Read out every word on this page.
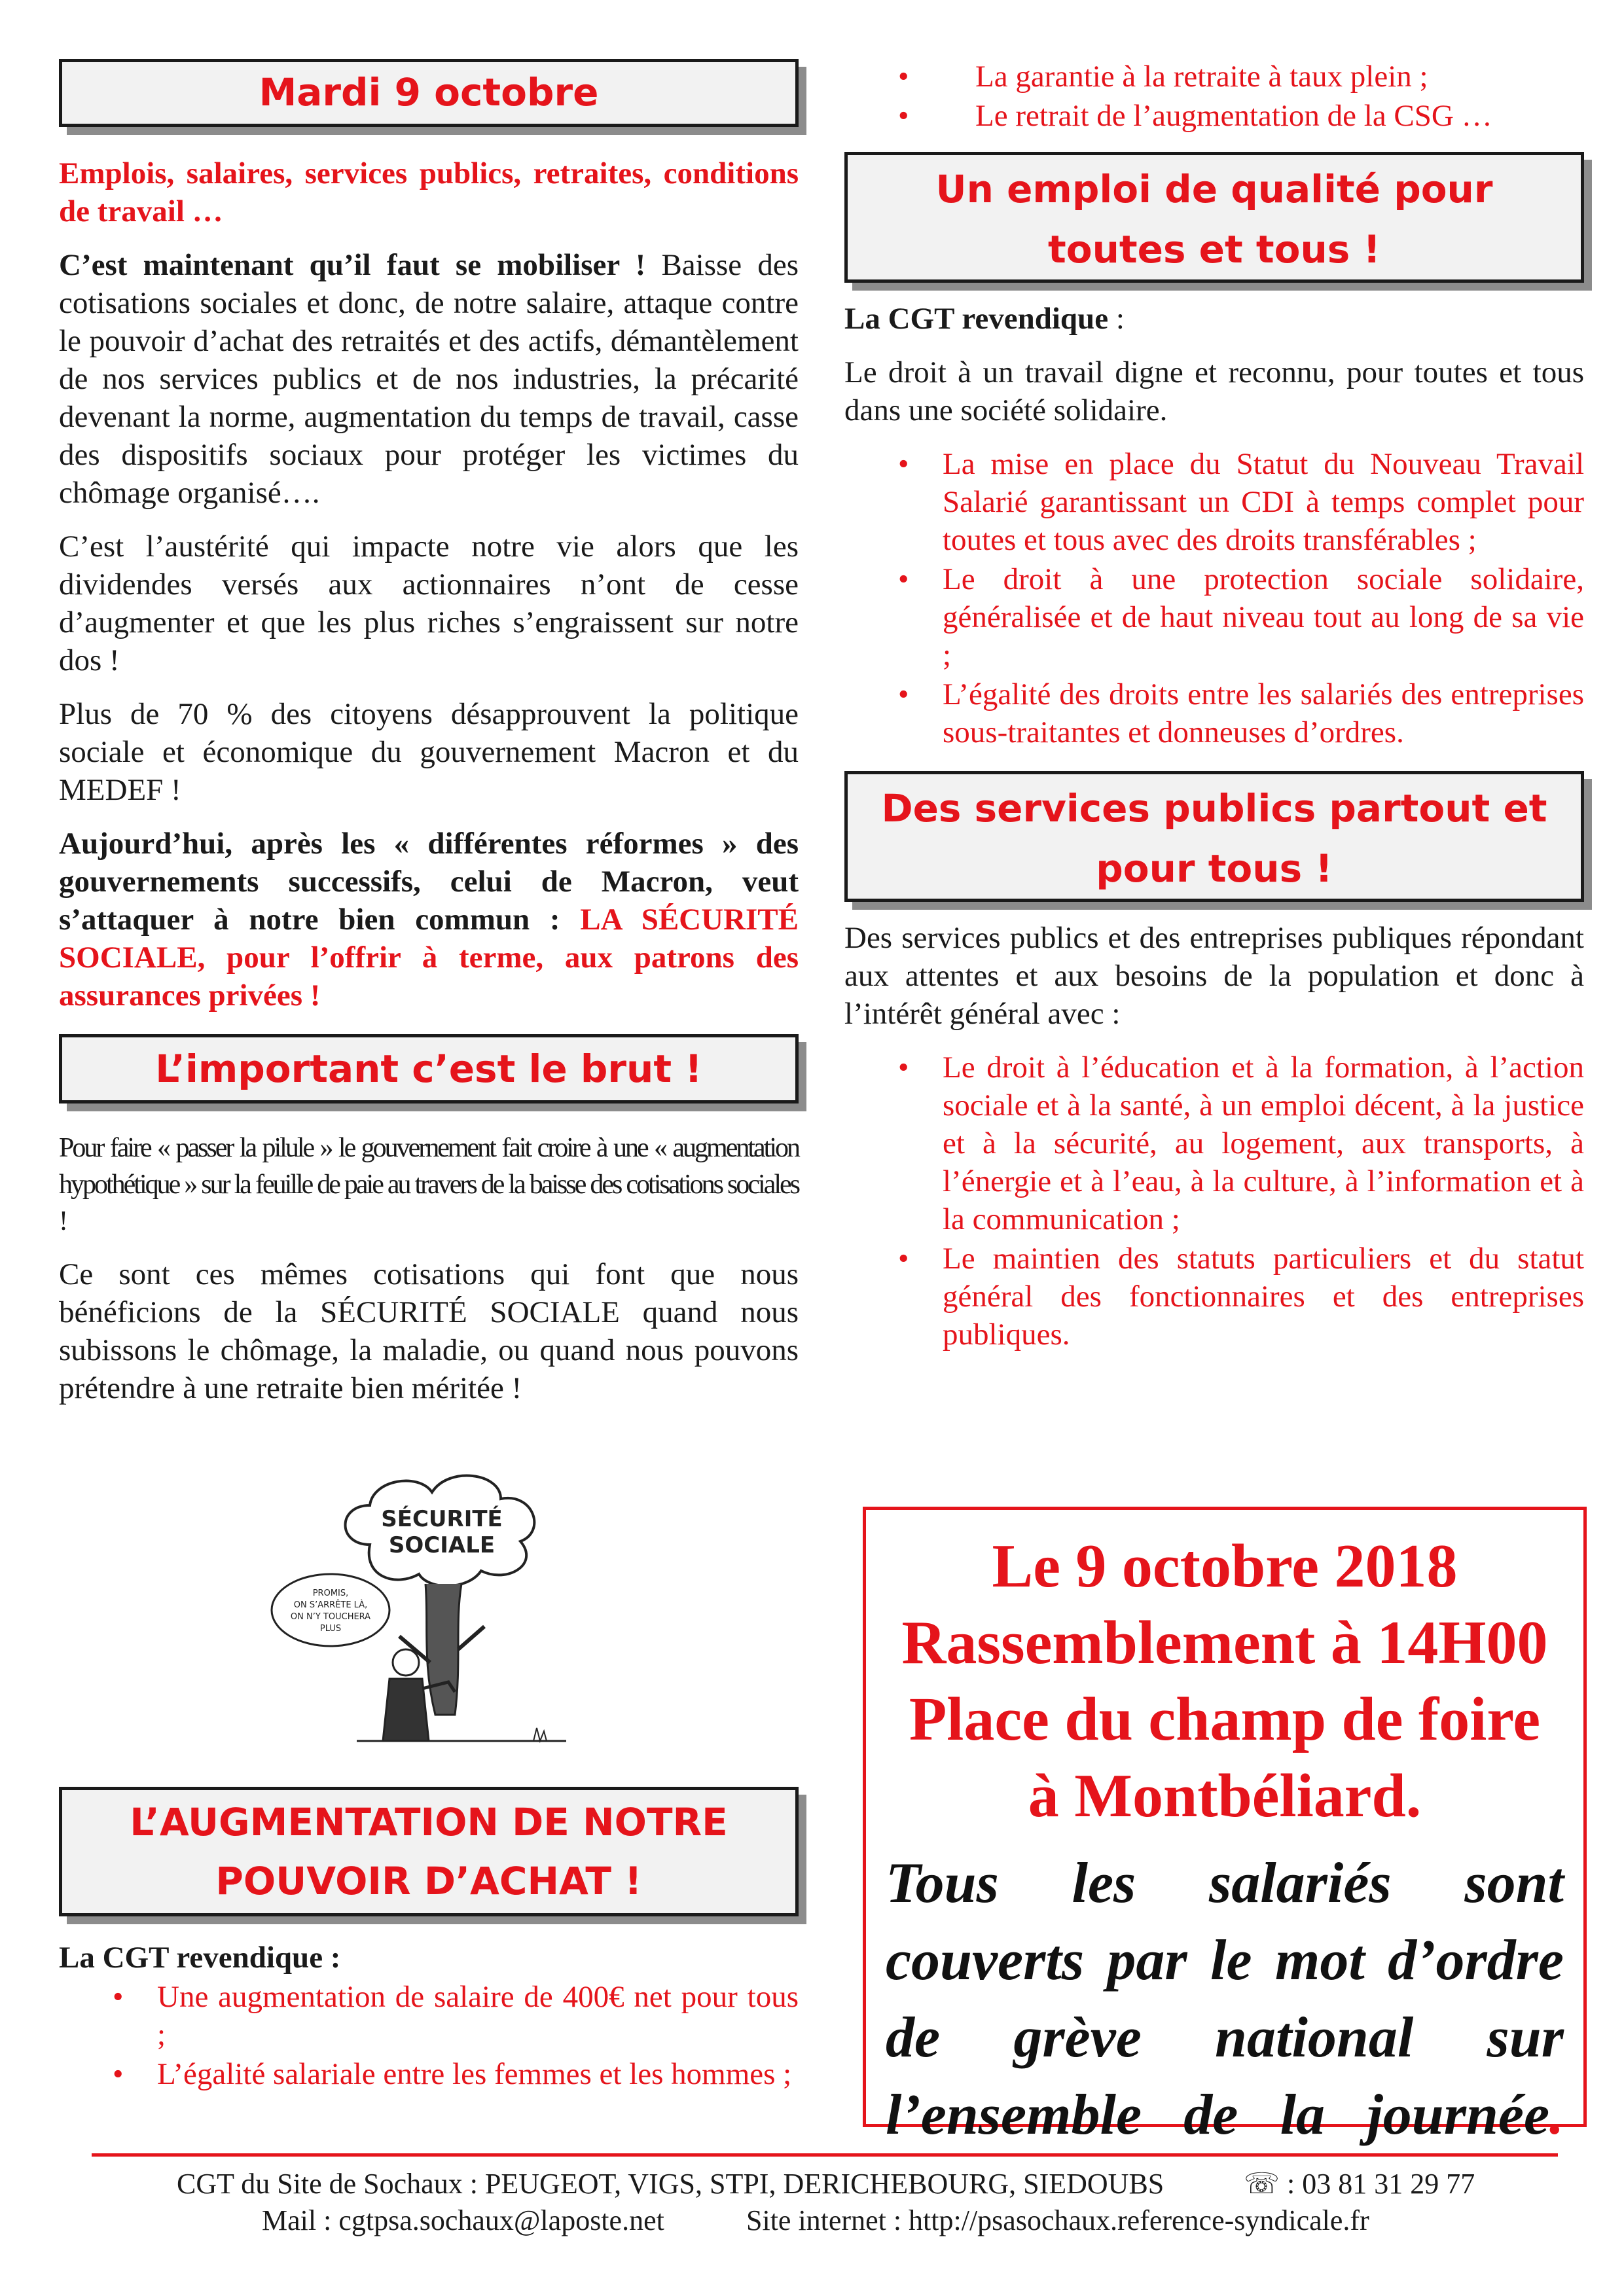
Mardi 9 octobre

Emplois, salaires, services publics, retraites, conditions de travail …

C’est maintenant qu’il faut se mobiliser ! Baisse des cotisations sociales et donc, de notre salaire, attaque contre le pouvoir d’achat des retraités et des actifs, démantèlement de nos services publics et de nos industries, la précarité devenant la norme, augmentation du temps de travail, casse des dispositifs sociaux pour protéger les victimes du chômage organisé….

C’est l’austérité qui impacte notre vie alors que les dividendes versés aux actionnaires n’ont de cesse d’augmenter et que les plus riches s’engraissent sur notre dos !

Plus de 70 % des citoyens désapprouvent la politique sociale et économique du gouvernement Macron et du MEDEF !

Aujourd’hui, après les « différentes réformes » des gouvernements successifs, celui de Macron, veut s’attaquer à notre bien commun : LA SÉCURITÉ SOCIALE, pour l’offrir à terme, aux patrons des assurances privées !

L’important c’est le brut !

Pour faire « passer la pilule » le gouvernement fait croire à une « augmentation hypothétique » sur la feuille de paie au travers de la baisse des cotisations sociales !

Ce sont ces mêmes cotisations qui font que nous bénéficions de la SÉCURITÉ SOCIALE quand nous subissons le chômage, la maladie, ou quand nous pouvons prétendre à une retraite bien méritée !

SÉCURITÉ
SOCIALE
PROMIS,
ON S’ARRÊTE LÀ,
ON N’Y TOUCHERA
PLUS
L’AUGMENTATION DE NOTRE
POUVOIR D’ACHAT !

La CGT revendique :

• Une augmentation de salaire de 400€ net pour tous ;
• L’égalité salariale entre les femmes et les hommes ;
• La garantie à la retraite à taux plein ;
• Le retrait de l’augmentation de la CSG …
Un emploi de qualité pour
toutes et tous !

La CGT revendique :

Le droit à un travail digne et reconnu, pour toutes et tous dans une société solidaire.

• La mise en place du Statut du Nouveau Travail Salarié garantissant un CDI à temps complet pour toutes et tous avec des droits transférables ;
• Le droit à une protection sociale solidaire, généralisée et de haut niveau tout au long de sa vie ;
• L’égalité des droits entre les salariés des entreprises sous-traitantes et donneuses d’ordres.
Des services publics partout et
pour tous !

Des services publics et des entreprises publiques répondant aux attentes et aux besoins de la population et donc à l’intérêt général avec :

• Le droit à l’éducation et à la formation, à l’action sociale et à la santé, à un emploi décent, à la justice et à la sécurité, au logement, aux transports, à l’énergie et à l’eau, à la culture, à l’information et à la communication ;
• Le maintien des statuts particuliers et du statut général des fonctionnaires et des entreprises publiques.
Le 9 octobre 2018
Rassemblement à 14H00
Place du champ de foire
à Montbéliard.
Tous les salariés sont couverts par le mot d’ordre de grève national sur l’ensemble de la journée.
CGT du Site de Sochaux : PEUGEOT, VIGS, STPI, DERICHEBOURG, SIEDOUBS	☏ : 03 81 31 29 77
Mail : cgtpsa.sochaux@laposte.net	Site internet : http://psasochaux.reference-syndicale.fr
